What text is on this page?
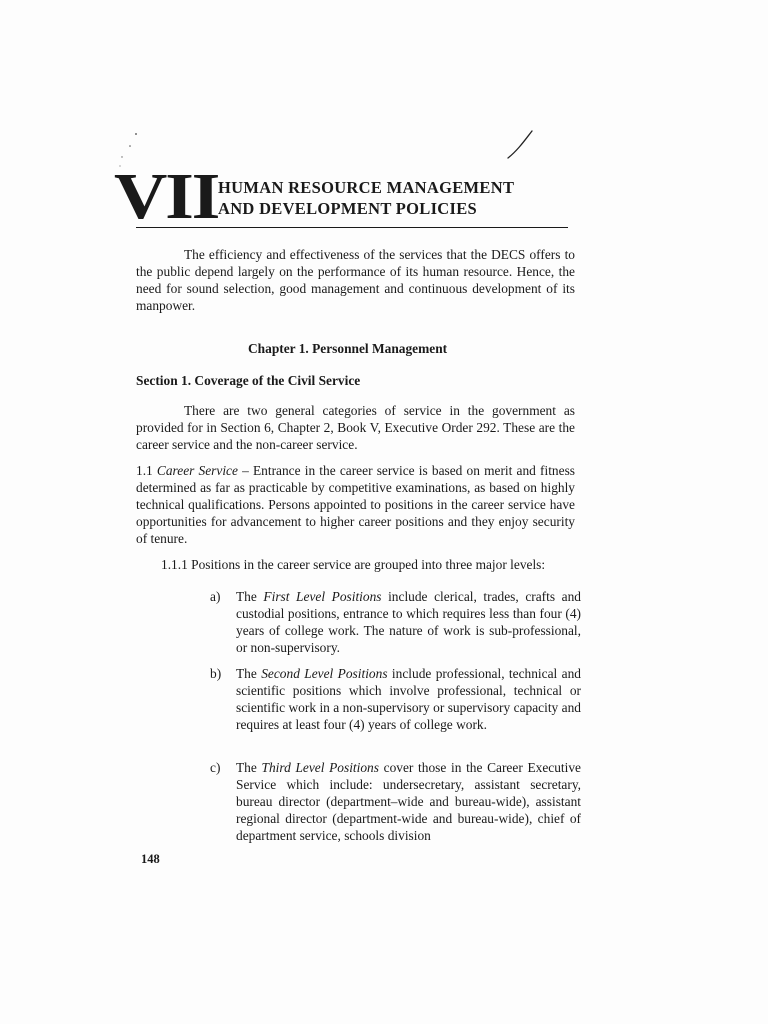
VII HUMAN RESOURCE MANAGEMENT
AND DEVELOPMENT POLICIES

The efficiency and effectiveness of the services that the DECS offers to the public depend largely on the performance of its human resource. Hence, the need for sound selection, good management and continuous development of its manpower.

Chapter 1. Personnel Management

Section 1. Coverage of the Civil Service

There are two general categories of service in the government as provided for in Section 6, Chapter 2, Book V, Executive Order 292. These are the career service and the non-career service.

1.1 Career Service – Entrance in the career service is based on merit and fitness determined as far as practicable by competitive examinations, as based on highly technical qualifications. Persons appointed to positions in the career service have opportunities for advancement to higher career positions and they enjoy security of tenure.

1.1.1 Positions in the career service are grouped into three major levels:

a) The First Level Positions include clerical, trades, crafts and custodial positions, entrance to which requires less than four (4) years of college work. The nature of work is sub-professional, or non-supervisory.
b) The Second Level Positions include professional, technical and scientific positions which involve professional, technical or scientific work in a non-supervisory or supervisory capacity and requires at least four (4) years of college work.
c) The Third Level Positions cover those in the Career Executive Service which include: undersecretary, assistant secretary, bureau director (department–wide and bureau-wide), assistant regional director (department-wide and bureau-wide), chief of department service, schools division
148
